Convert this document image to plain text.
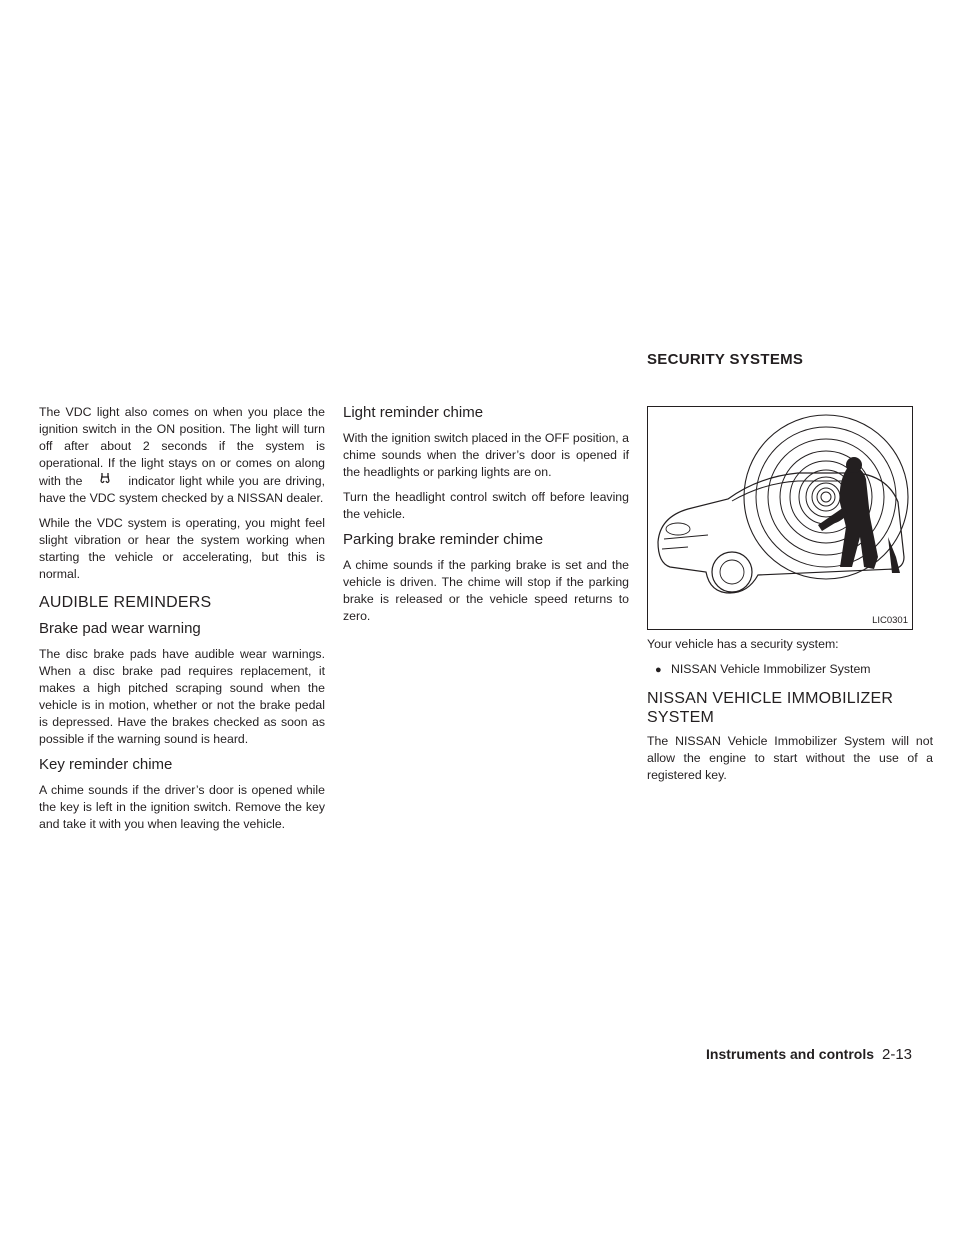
SECURITY SYSTEMS

The VDC light also comes on when you place the ignition switch in the ON position. The light will turn off after about 2 seconds if the system is operational. If the light stays on or comes on along with the	indicator light while you are driving, have the VDC system checked by a NISSAN dealer.

While the VDC system is operating, you might feel slight vibration or hear the system working when starting the vehicle or accelerating, but this is normal.

AUDIBLE REMINDERS
Brake pad wear warning

The disc brake pads have audible wear warnings. When a disc brake pad requires replacement, it makes a high pitched scraping sound when the vehicle is in motion, whether or not the brake pedal is depressed. Have the brakes checked as soon as possible if the warning sound is heard.

Key reminder chime

A chime sounds if the driver’s door is opened while the key is left in the ignition switch. Remove the key and take it with you when leaving the vehicle.

Light reminder chime

With the ignition switch placed in the OFF position, a chime sounds when the driver’s door is opened if the headlights or parking lights are on.

Turn the headlight control switch off before leaving the vehicle.

Parking brake reminder chime

A chime sounds if the parking brake is set and the vehicle is driven. The chime will stop if the parking brake is released or the vehicle speed returns to zero.	LIC0301

Your vehicle has a security system:

● NISSAN Vehicle Immobilizer System
NISSAN VEHICLE IMMOBILIZER SYSTEM

The NISSAN Vehicle Immobilizer System will not allow the engine to start without the use of a registered key.

Instruments and controls 2-13
